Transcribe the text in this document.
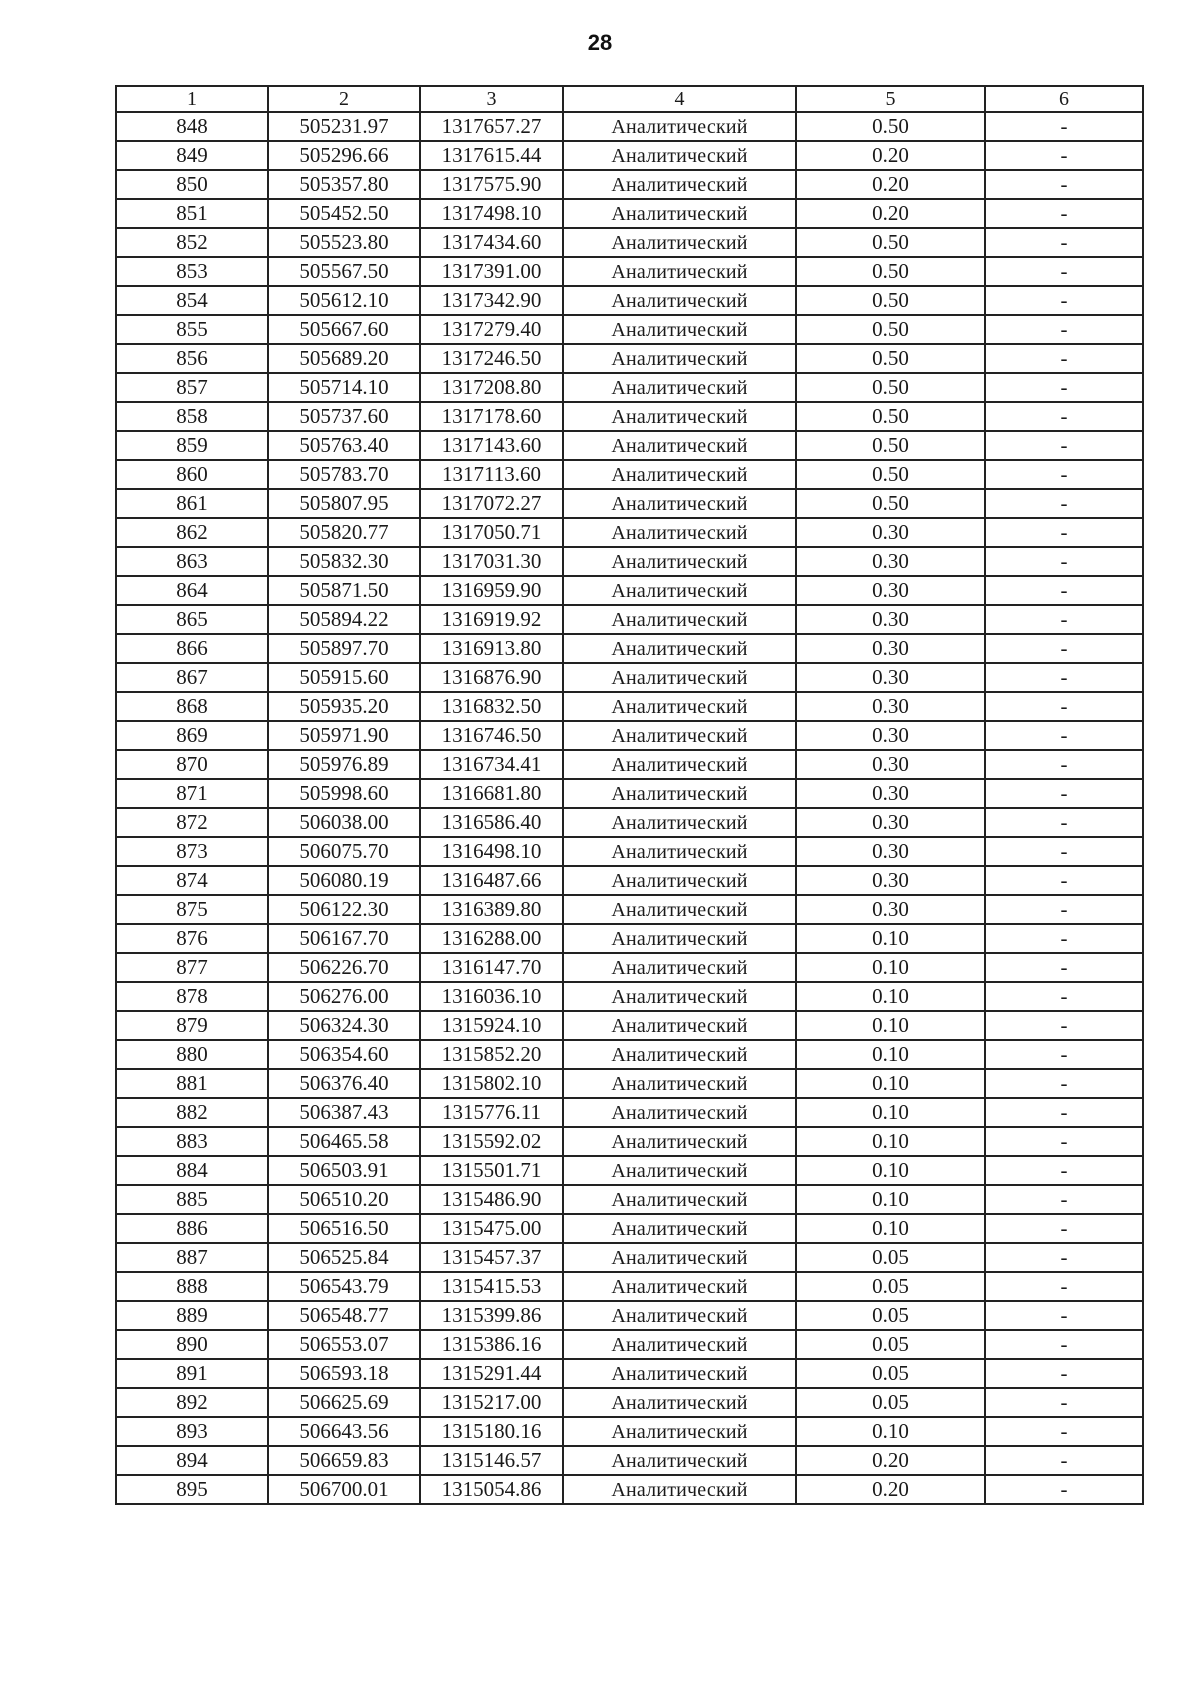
28
1	2	3	4	5	6
848	505231.97	1317657.27	Аналитический	0.50	-
849	505296.66	1317615.44	Аналитический	0.20	-
850	505357.80	1317575.90	Аналитический	0.20	-
851	505452.50	1317498.10	Аналитический	0.20	-
852	505523.80	1317434.60	Аналитический	0.50	-
853	505567.50	1317391.00	Аналитический	0.50	-
854	505612.10	1317342.90	Аналитический	0.50	-
855	505667.60	1317279.40	Аналитический	0.50	-
856	505689.20	1317246.50	Аналитический	0.50	-
857	505714.10	1317208.80	Аналитический	0.50	-
858	505737.60	1317178.60	Аналитический	0.50	-
859	505763.40	1317143.60	Аналитический	0.50	-
860	505783.70	1317113.60	Аналитический	0.50	-
861	505807.95	1317072.27	Аналитический	0.50	-
862	505820.77	1317050.71	Аналитический	0.30	-
863	505832.30	1317031.30	Аналитический	0.30	-
864	505871.50	1316959.90	Аналитический	0.30	-
865	505894.22	1316919.92	Аналитический	0.30	-
866	505897.70	1316913.80	Аналитический	0.30	-
867	505915.60	1316876.90	Аналитический	0.30	-
868	505935.20	1316832.50	Аналитический	0.30	-
869	505971.90	1316746.50	Аналитический	0.30	-
870	505976.89	1316734.41	Аналитический	0.30	-
871	505998.60	1316681.80	Аналитический	0.30	-
872	506038.00	1316586.40	Аналитический	0.30	-
873	506075.70	1316498.10	Аналитический	0.30	-
874	506080.19	1316487.66	Аналитический	0.30	-
875	506122.30	1316389.80	Аналитический	0.30	-
876	506167.70	1316288.00	Аналитический	0.10	-
877	506226.70	1316147.70	Аналитический	0.10	-
878	506276.00	1316036.10	Аналитический	0.10	-
879	506324.30	1315924.10	Аналитический	0.10	-
880	506354.60	1315852.20	Аналитический	0.10	-
881	506376.40	1315802.10	Аналитический	0.10	-
882	506387.43	1315776.11	Аналитический	0.10	-
883	506465.58	1315592.02	Аналитический	0.10	-
884	506503.91	1315501.71	Аналитический	0.10	-
885	506510.20	1315486.90	Аналитический	0.10	-
886	506516.50	1315475.00	Аналитический	0.10	-
887	506525.84	1315457.37	Аналитический	0.05	-
888	506543.79	1315415.53	Аналитический	0.05	-
889	506548.77	1315399.86	Аналитический	0.05	-
890	506553.07	1315386.16	Аналитический	0.05	-
891	506593.18	1315291.44	Аналитический	0.05	-
892	506625.69	1315217.00	Аналитический	0.05	-
893	506643.56	1315180.16	Аналитический	0.10	-
894	506659.83	1315146.57	Аналитический	0.20	-
895	506700.01	1315054.86	Аналитический	0.20	-
